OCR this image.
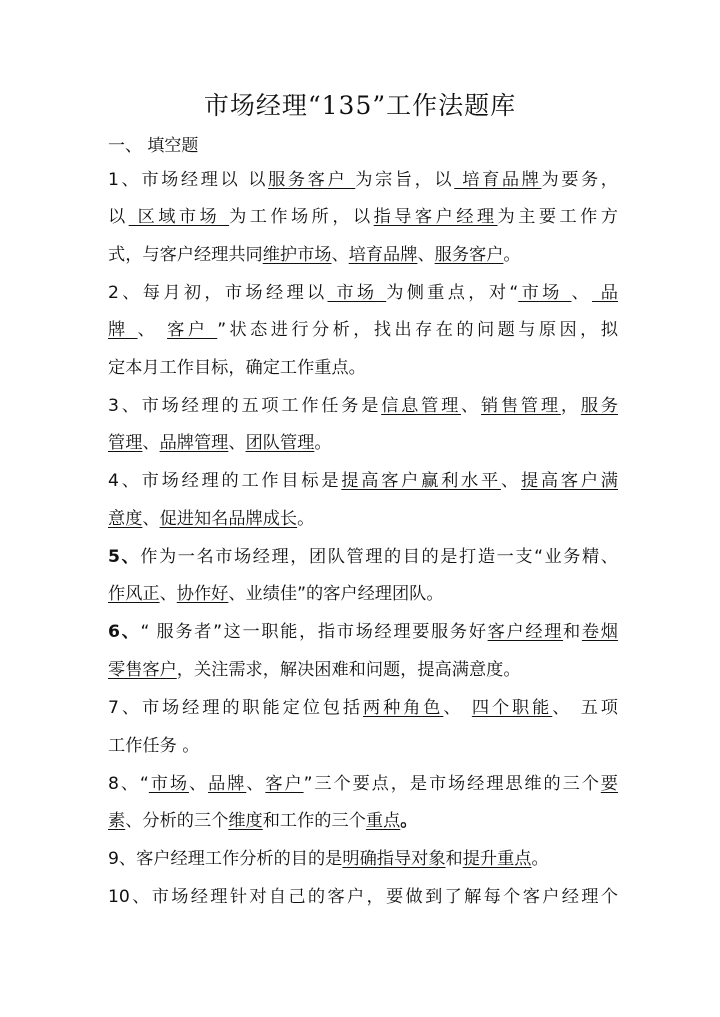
市场经理“135”工作法题库
一、 填空题
1、市场经理以 以服务客户 为宗旨，以 培育品牌为要务，
以 区域市场 为工作场所，以指导客户经理为主要工作方
式，与客户经理共同维护市场、培育品牌、服务客户。
2、每月初，市场经理以 市场 为侧重点，对“市场 、 品
牌 、 客户 ”状态进行分析，找出存在的问题与原因，拟
定本月工作目标，确定工作重点。
3、市场经理的五项工作任务是信息管理、销售管理，服务
管理、品牌管理、团队管理。
4、市场经理的工作目标是提高客户赢利水平、提高客户满
意度、促进知名品牌成长。
5、作为一名市场经理，团队管理的目的是打造一支“业务精、
作风正、协作好、业绩佳”的客户经理团队。
6、“ 服务者”这一职能，指市场经理要服务好客户经理和卷烟
零售客户，关注需求，解决困难和问题，提高满意度。
7、市场经理的职能定位包括两种角色、 四个职能、 五项
工作任务 。
8、“市场、品牌、客户”三个要点，是市场经理思维的三个要
素、分析的三个维度和工作的三个重点。
9、客户经理工作分析的目的是明确指导对象和提升重点。
10、市场经理针对自己的客户，要做到了解每个客户经理个
